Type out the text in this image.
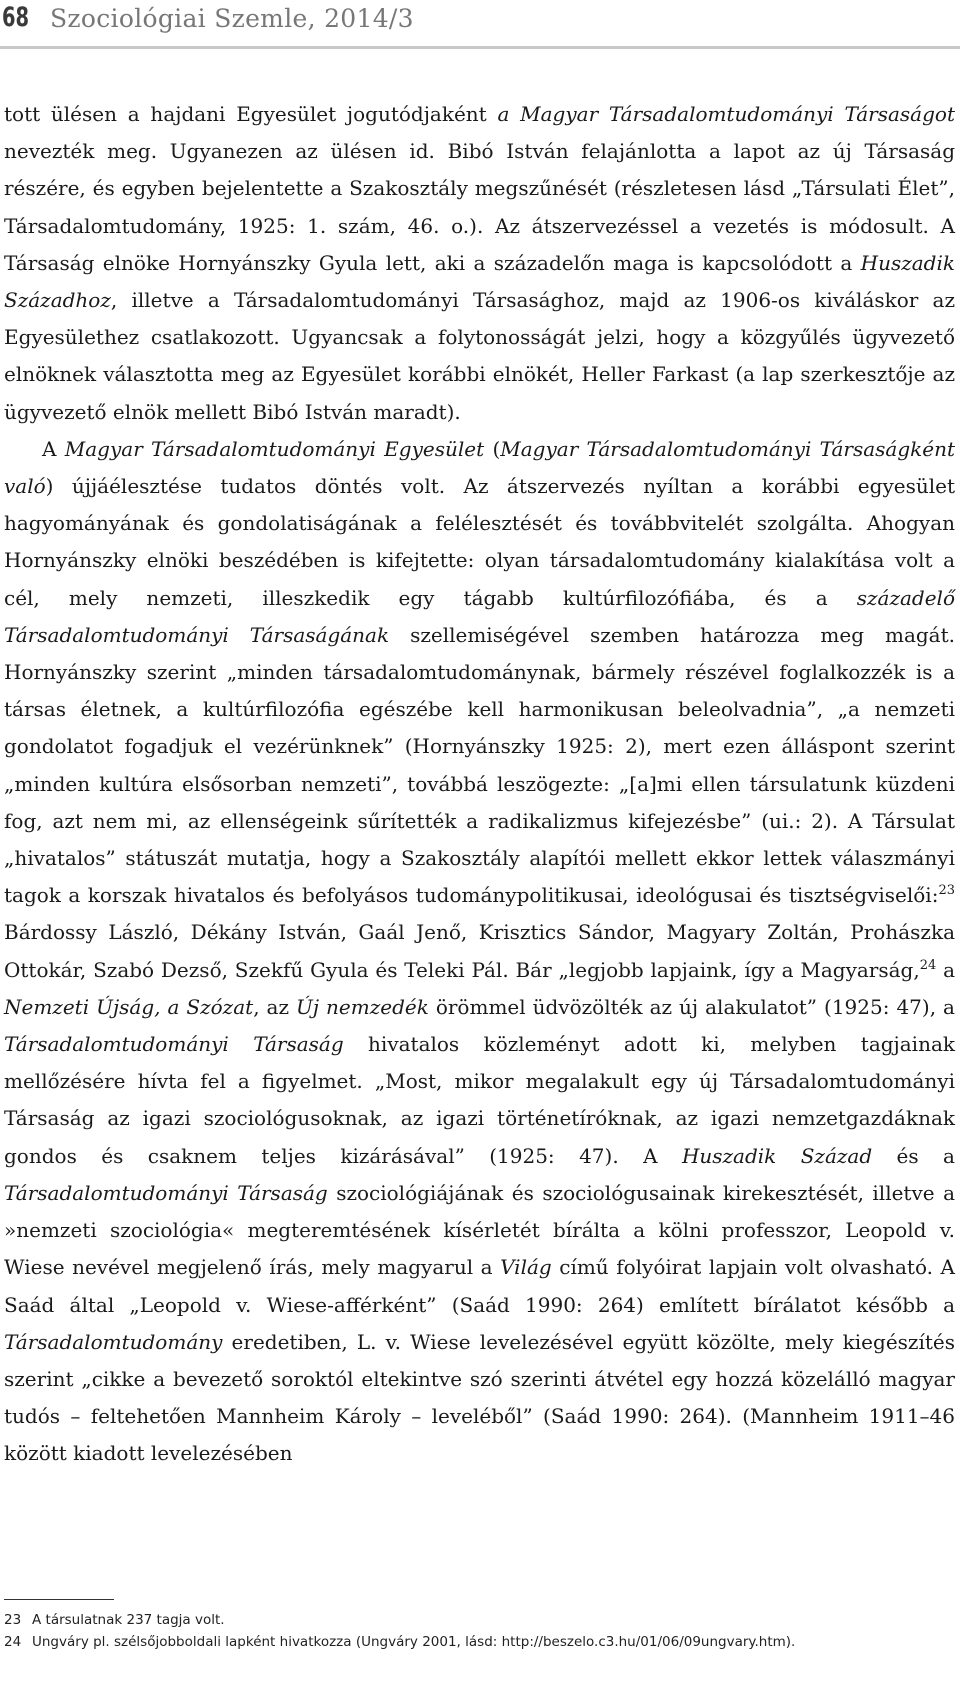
68 Szociológiai Szemle, 2014/3

tott ülésen a hajdani Egyesület jogutódjaként a Magyar Társadalomtudományi Társaságot nevezték meg. Ugyanezen az ülésen id. Bibó István felajánlotta a lapot az új Társaság részére, és egyben bejelentette a Szakosztály megszűnését (részletesen lásd „Társulati Élet”, Társadalomtudomány, 1925: 1. szám, 46. o.). Az átszervezéssel a vezetés is módosult. A Társaság elnöke Hornyánszky Gyula lett, aki a századelőn maga is kapcsolódott a Huszadik Századhoz, illetve a Társadalomtudományi Társasághoz, majd az 1906-os kiváláskor az Egyesülethez csatlakozott. Ugyancsak a folytonosságát jelzi, hogy a közgyűlés ügyvezető elnöknek választotta meg az Egyesület korábbi elnökét, Heller Farkast (a lap szerkesztője az ügyvezető elnök mellett Bibó István maradt).

A Magyar Társadalomtudományi Egyesület (Magyar Társadalomtudományi Társaságként való) újjáélesztése tudatos döntés volt. Az átszervezés nyíltan a korábbi egyesület hagyományának és gondolatiságának a felélesztését és továbbvitelét szolgálta. Ahogyan Hornyánszky elnöki beszédében is kifejtette: olyan társadalomtudomány kialakítása volt a cél, mely nemzeti, illeszkedik egy tágabb kultúrfilozófiába, és a századelő Társadalomtudományi Társaságának szellemiségével szemben határozza meg magát. Hornyánszky szerint „minden társadalomtudománynak, bármely részével foglalkozzék is a társas életnek, a kultúrfilozófia egészébe kell harmonikusan beleolvadnia”, „a nemzeti gondolatot fogadjuk el vezérünknek” (Hornyánszky 1925: 2), mert ezen álláspont szerint „minden kultúra elsősorban nemzeti”, továbbá leszögezte: „[a]mi ellen társulatunk küzdeni fog, azt nem mi, az ellenségeink sűrítették a radikalizmus kifejezésbe” (ui.: 2). A Társulat „hivatalos” státuszát mutatja, hogy a Szakosztály alapítói mellett ekkor lettek válaszmányi tagok a korszak hivatalos és befolyásos tudománypolitikusai, ideológusai és tisztségviselői:$^{23}$ Bárdossy László, Dékány István, Gaál Jenő, Krisztics Sándor, Magyary Zoltán, Prohászka Ottokár, Szabó Dezső, Szekfű Gyula és Teleki Pál. Bár „legjobb lapjaink, így a Magyarság,$^{24}$ a Nemzeti Újság, a Szózat, az Új nemzedék örömmel üdvözölték az új alakulatot” (1925: 47), a Társadalomtudományi Társaság hivatalos közleményt adott ki, melyben tagjainak mellőzésére hívta fel a figyelmet. „Most, mikor megalakult egy új Társadalomtudományi Társaság az igazi szociológusoknak, az igazi történetíróknak, az igazi nemzetgazdáknak gondos és csaknem teljes kizárásával” (1925: 47). A Huszadik Század és a Társadalomtudományi Társaság szociológiájának és szociológusainak kirekesztését, illetve a »nemzeti szociológia« megteremtésének kísérletét bírálta a kölni professzor, Leopold v. Wiese nevével megjelenő írás, mely magyarul a Világ című folyóirat lapjain volt olvasható. A Saád által „Leopold v. Wiese-afférként” (Saád 1990: 264) említett bírálatot később a Társadalomtudomány eredetiben, L. v. Wiese levelezésével együtt közölte, mely kiegészítés szerint „cikke a bevezető soroktól eltekintve szó szerinti átvétel egy hozzá közelálló magyar tudós – feltehetően Mannheim Károly – leveléből” (Saád 1990: 264). (Mannheim 1911–46 között kiadott levelezésében

23 A társulatnak 237 tagja volt.
24 Ungváry pl. szélsőjobboldali lapként hivatkozza (Ungváry 2001, lásd: http://beszelo.c3.hu/01/06/09ungvary.htm).
